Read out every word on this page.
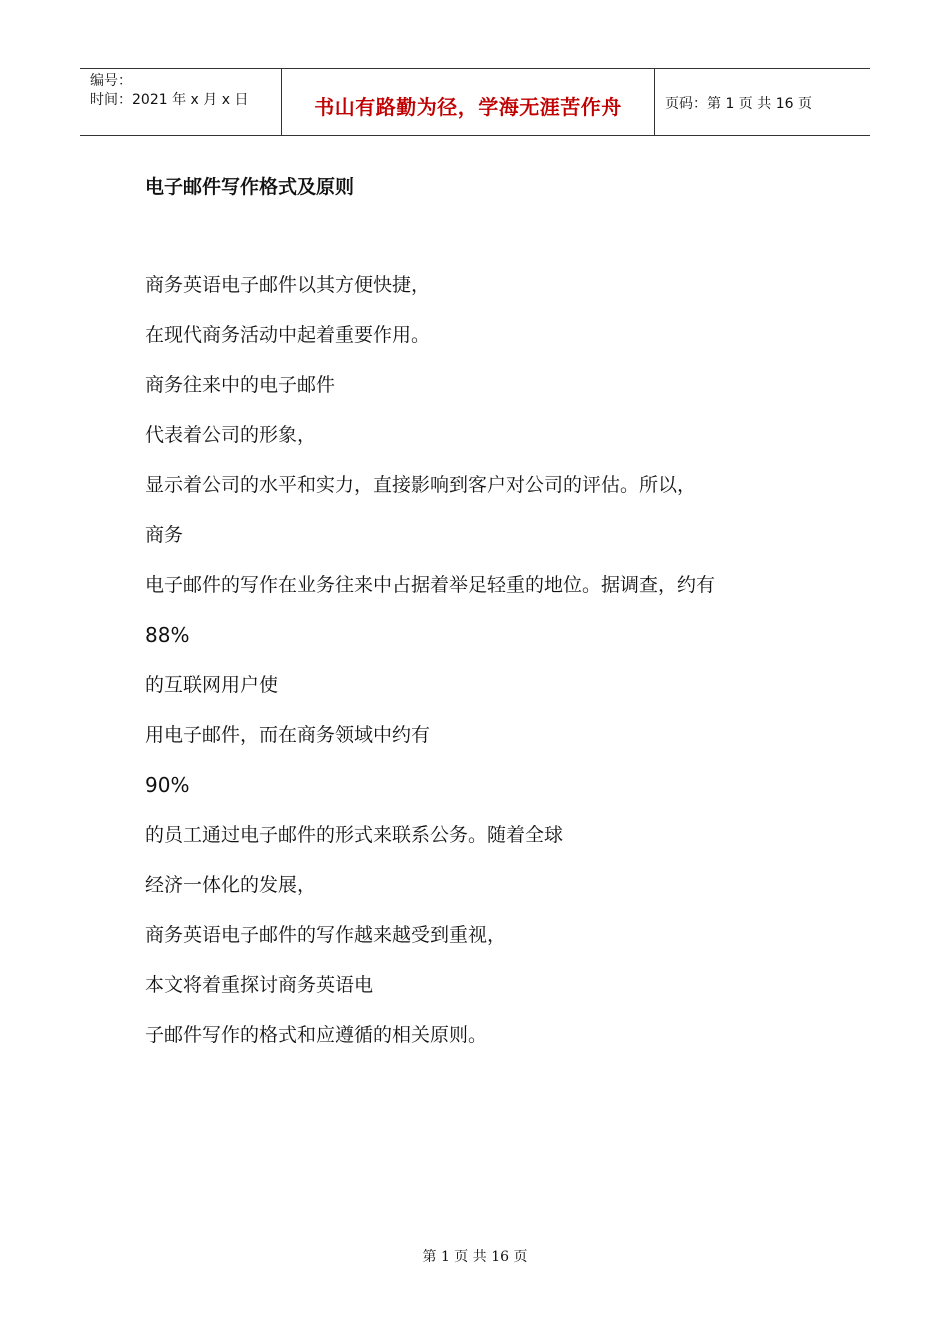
编号：
时间：2021 年 x 月 x 日	书山有路勤为径，学海无涯苦作舟	页码：第 1 页 共 16 页
电子邮件写作格式及原则
商务英语电子邮件以其方便快捷，
在现代商务活动中起着重要作用。
商务往来中的电子邮件
代表着公司的形象，
显示着公司的水平和实力，直接影响到客户对公司的评估。所以，
商务
电子邮件的写作在业务往来中占据着举足轻重的地位。据调查，约有
88%
的互联网用户使
用电子邮件，而在商务领域中约有
90%
的员工通过电子邮件的形式来联系公务。随着全球
经济一体化的发展，
商务英语电子邮件的写作越来越受到重视，
本文将着重探讨商务英语电
子邮件写作的格式和应遵循的相关原则。
第 1 页 共 16 页
